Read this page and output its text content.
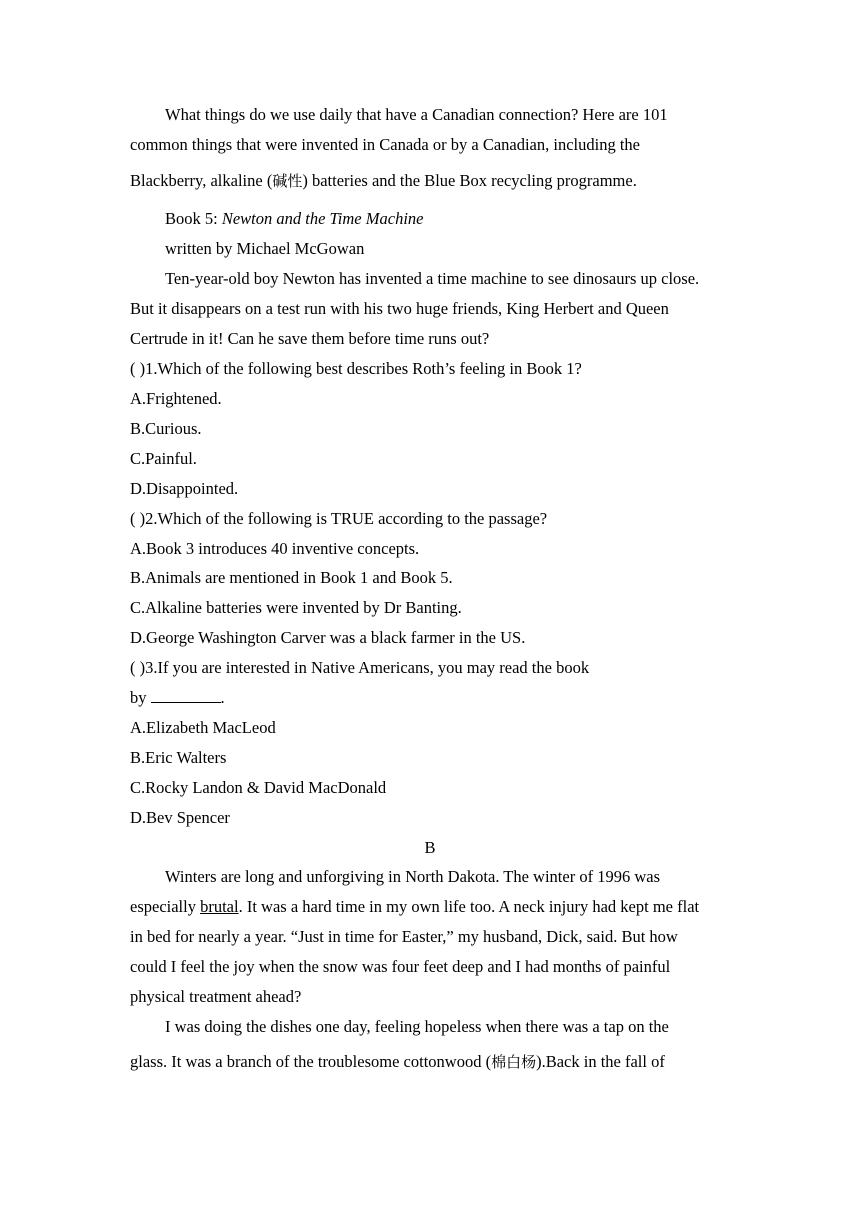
What things do we use daily that have a Canadian connection? Here are 101
common things that were invented in Canada or by a Canadian, including the
Blackberry, alkaline (碱性) batteries and the Blue Box recycling programme.
Book 5: Newton and the Time Machine
written by Michael McGowan
Ten-year-old boy Newton has invented a time machine to see dinosaurs up close.
But it disappears on a test run with his two huge friends, King Herbert and Queen
Certrude in it! Can he save them before time runs out?
( )1.Which of the following best describes Roth’s feeling in Book 1?
A.Frightened.
B.Curious.
C.Painful.
D.Disappointed.
( )2.Which of the following is TRUE according to the passage?
A.Book 3 introduces 40 inventive concepts.
B.Animals are mentioned in Book 1 and Book 5.
C.Alkaline batteries were invented by Dr Banting.
D.George Washington Carver was a black farmer in the US.
( )3.If you are interested in Native Americans, you may read the book
by	.
A.Elizabeth MacLeod
B.Eric Walters
C.Rocky Landon & David MacDonald
D.Bev Spencer
B
Winters are long and unforgiving in North Dakota. The winter of 1996 was
especially brutal. It was a hard time in my own life too. A neck injury had kept me flat
in bed for nearly a year. “Just in time for Easter,” my husband, Dick, said. But how
could I feel the joy when the snow was four feet deep and I had months of painful
physical treatment ahead?
I was doing the dishes one day, feeling hopeless when there was a tap on the
glass. It was a branch of the troublesome cottonwood (棉白杨).Back in the fall of
